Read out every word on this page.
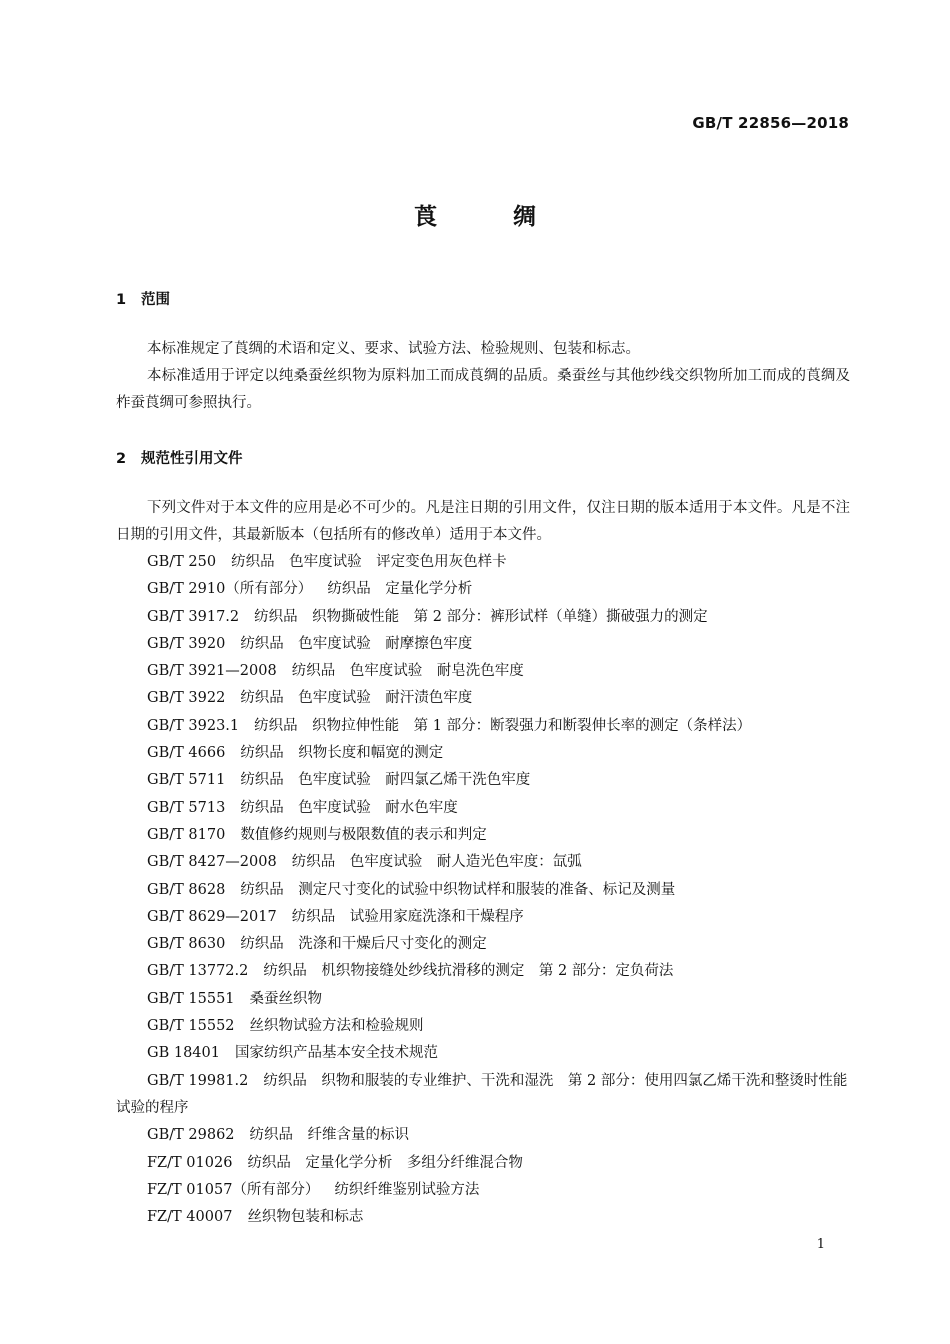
GB/T 22856—2018
莨	绸
1 范围
本标准规定了莨绸的术语和定义、要求、试验方法、检验规则、包装和标志。
本标准适用于评定以纯桑蚕丝织物为原料加工而成莨绸的品质。桑蚕丝与其他纱线交织物所加工而成的莨绸及柞蚕莨绸可参照执行。
2 规范性引用文件
下列文件对于本文件的应用是必不可少的。凡是注日期的引用文件，仅注日期的版本适用于本文件。凡是不注日期的引用文件，其最新版本（包括所有的修改单）适用于本文件。
GB/T 250 纺织品　色牢度试验　评定变色用灰色样卡
GB/T 2910（所有部分） 纺织品　定量化学分析
GB/T 3917.2 纺织品　织物撕破性能　第 2 部分：裤形试样（单缝）撕破强力的测定
GB/T 3920 纺织品　色牢度试验　耐摩擦色牢度
GB/T 3921—2008 纺织品　色牢度试验　耐皂洗色牢度
GB/T 3922 纺织品　色牢度试验　耐汗渍色牢度
GB/T 3923.1 纺织品　织物拉伸性能　第 1 部分：断裂强力和断裂伸长率的测定（条样法）
GB/T 4666 纺织品　织物长度和幅宽的测定
GB/T 5711 纺织品　色牢度试验　耐四氯乙烯干洗色牢度
GB/T 5713 纺织品　色牢度试验　耐水色牢度
GB/T 8170 数值修约规则与极限数值的表示和判定
GB/T 8427—2008 纺织品　色牢度试验　耐人造光色牢度：氙弧
GB/T 8628 纺织品　测定尺寸变化的试验中织物试样和服装的准备、标记及测量
GB/T 8629—2017 纺织品　试验用家庭洗涤和干燥程序
GB/T 8630 纺织品　洗涤和干燥后尺寸变化的测定
GB/T 13772.2 纺织品　机织物接缝处纱线抗滑移的测定　第 2 部分：定负荷法
GB/T 15551 桑蚕丝织物
GB/T 15552 丝织物试验方法和检验规则
GB 18401 国家纺织产品基本安全技术规范
GB/T 19981.2 纺织品　织物和服装的专业维护、干洗和湿洗　第 2 部分：使用四氯乙烯干洗和整烫时性能试验的程序
GB/T 29862 纺织品　纤维含量的标识
FZ/T 01026 纺织品　定量化学分析　多组分纤维混合物
FZ/T 01057（所有部分） 纺织纤维鉴别试验方法
FZ/T 40007 丝织物包装和标志
1
